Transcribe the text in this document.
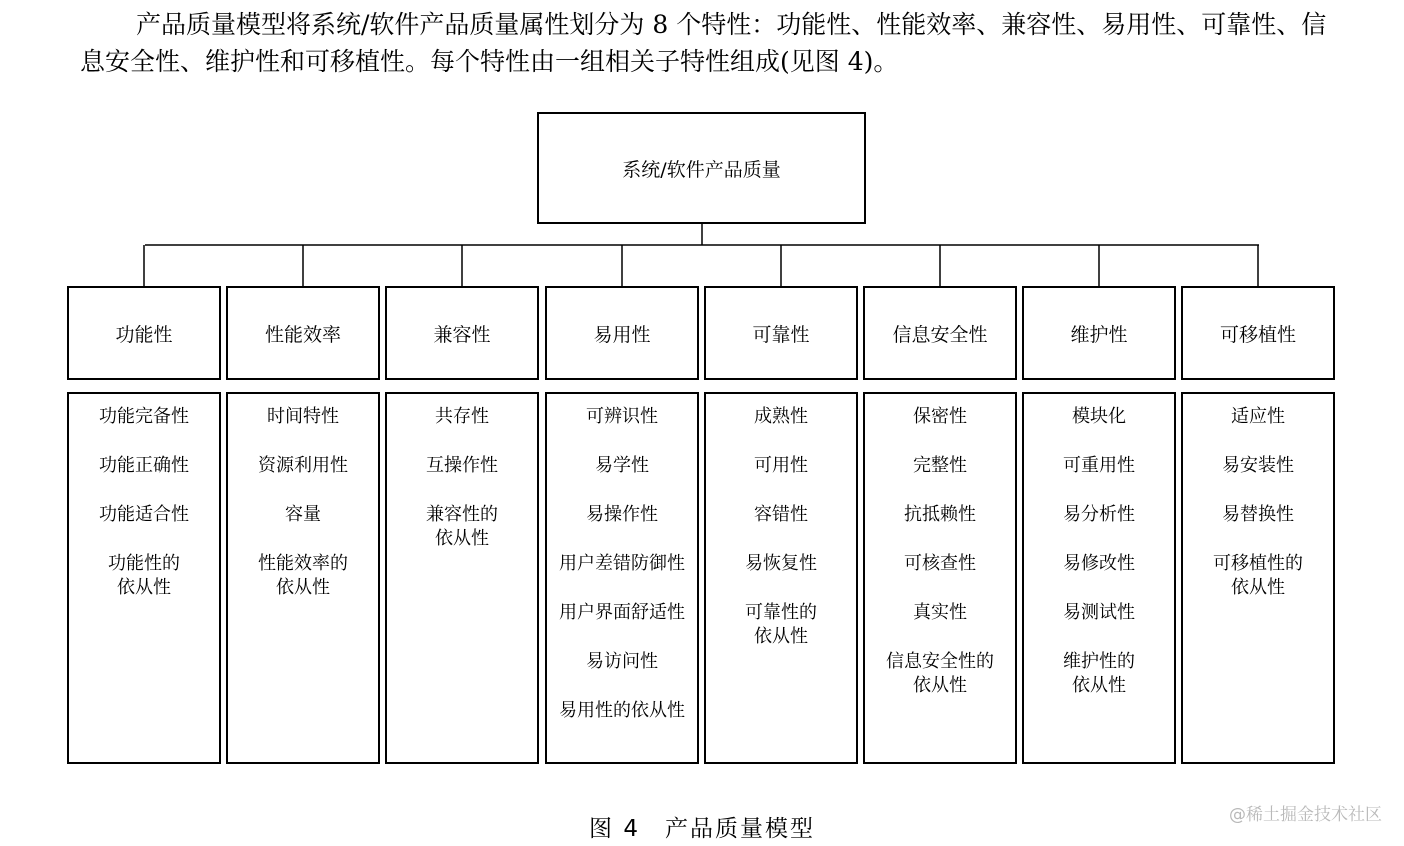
产品质量模型将系统/软件产品质量属性划分为 8 个特性：功能性、性能效率、兼容性、易用性、可靠性、信息安全性、维护性和可移植性。每个特性由一组相关子特性组成(见图 4)。

系统/软件产品质量
功能性
功能完备性
功能正确性
功能适合性
功能性的
依从性
性能效率
时间特性
资源利用性
容量
性能效率的
依从性
兼容性
共存性
互操作性
兼容性的
依从性
易用性
可辨识性
易学性
易操作性
用户差错防御性
用户界面舒适性
易访问性
易用性的依从性
可靠性
成熟性
可用性
容错性
易恢复性
可靠性的
依从性
信息安全性
保密性
完整性
抗抵赖性
可核查性
真实性
信息安全性的
依从性
维护性
模块化
可重用性
易分析性
易修改性
易测试性
维护性的
依从性
可移植性
适应性
易安装性
易替换性
可移植性的
依从性
图 4　产品质量模型
@稀土掘金技术社区
